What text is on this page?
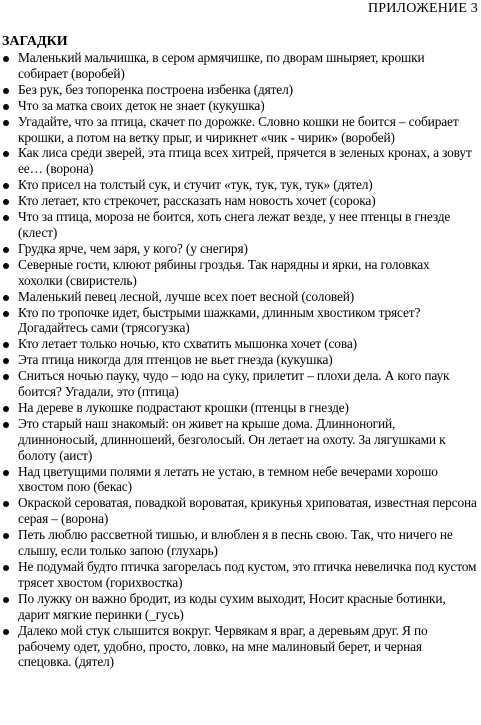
ПРИЛОЖЕНИЕ 3
ЗАГАДКИ
Маленький мальчишка, в сером армячишке, по дворам шныряет, крошки собирает (воробей)
Без рук, без топоренка построена избенка (дятел)
Что за матка своих деток не знает (кукушка)
Угадайте, что за птица, скачет по дорожке. Словно кошки не боится – собирает крошки, а потом на ветку прыг, и чирикнет «чик - чирик» (воробей)
Как лиса среди зверей, эта птица всех хитрей, прячется в зеленых кронах, а зовут ее… (ворона)
Кто присел на толстый сук, и стучит «тук, тук, тук, тук» (дятел)
Кто летает, кто стрекочет, рассказать нам новость хочет (сорока)
Что за птица, мороза не боится, хоть снега лежат везде, у нее птенцы в гнезде (клест)
Грудка ярче, чем заря, у кого? (у снегиря)
Северные гости, клюют рябины гроздья. Так нарядны и ярки, на головках хохолки (свиристель)
Маленький певец лесной, лучше всех поет весной (соловей)
Кто по тропочке идет, быстрыми шажками, длинным хвостиком трясет? Догадайтесь сами (трясогузка)
Кто летает только ночью, кто схватить мышонка хочет (сова)
Эта птица никогда для птенцов не вьет гнезда (кукушка)
Сниться ночью пауку, чудо – юдо на суку, прилетит – плохи дела. А кого паук боится? Угадали, это (птица)
На дереве в лукошке подрастают крошки (птенцы в гнезде)
Это старый наш знакомый: он живет на крыше дома. Длинноногий, длинноносый, длинношеий, безголосый. Он летает на охоту. За лягушками к болоту (аист)
Над цветущими полями я летать не устаю, в темном небе вечерами хорошо хвостом пою (бекас)
Окраской сероватая, повадкой вороватая, крикунья хриповатая, известная персона серая – (ворона)
Петь люблю рассветной тишью, и влюблен я в песнь свою. Так, что ничего не слышу, если только запою (глухарь)
Не подумай будто птичка загорелась под кустом, это птичка невеличка под кустом трясет хвостом (горихвостка)
По лужку он важно бродит, из коды сухим выходит, Носит красные ботинки, дарит мягкие перинки (_гусь)
Далеко мой стук слышится вокруг. Червякам я враг, а деревьям друг. Я по рабочему одет, удобно, просто, ловко, на мне малиновый берет, и черная спецовка. (дятел)
